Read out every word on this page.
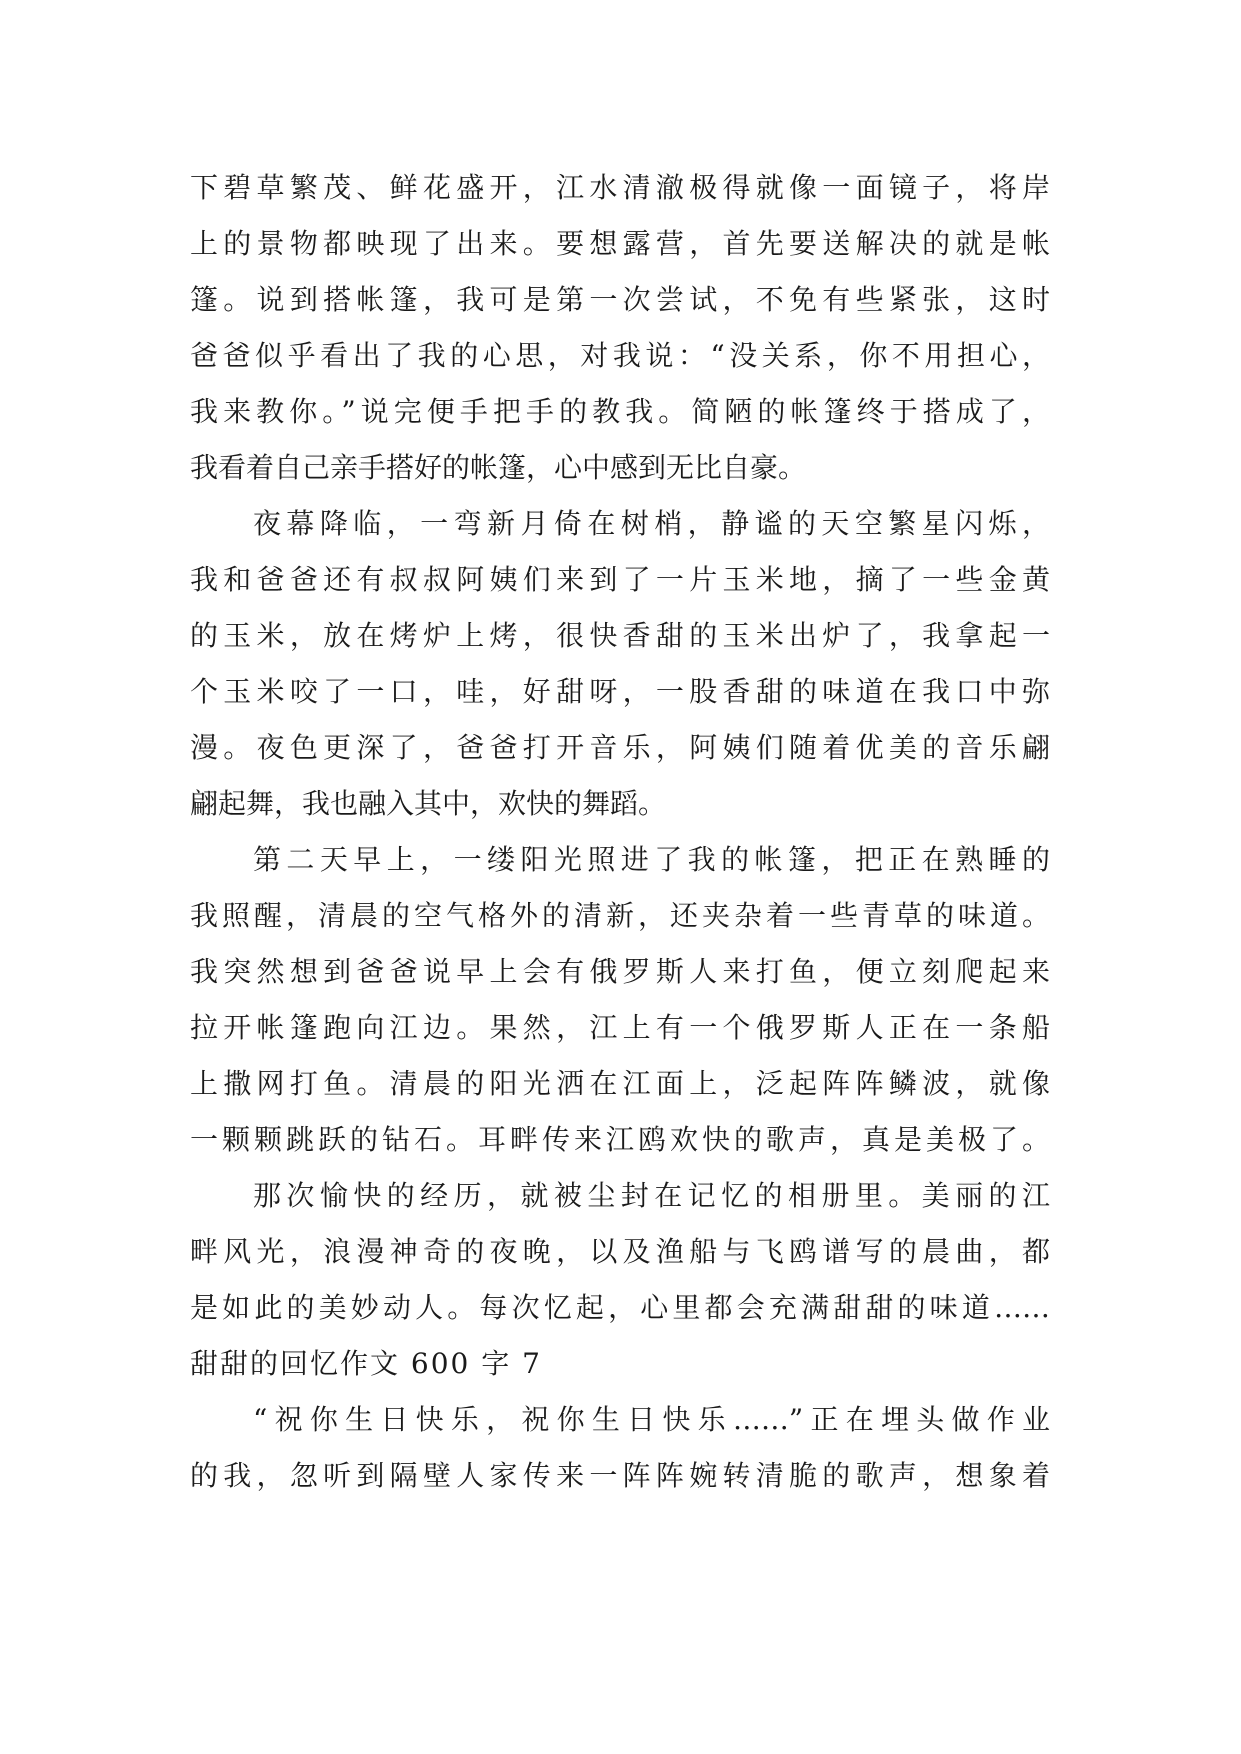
下碧草繁茂、鲜花盛开，江水清澈极得就像一面镜子，将岸
上的景物都映现了出来。要想露营，首先要送解决的就是帐
篷。说到搭帐篷，我可是第一次尝试，不免有些紧张，这时
爸爸似乎看出了我的心思，对我说：“没关系，你不用担心，
我来教你。”说完便手把手的教我。简陋的帐篷终于搭成了，
我看着自己亲手搭好的帐篷，心中感到无比自豪。
夜幕降临，一弯新月倚在树梢，静谧的天空繁星闪烁，
我和爸爸还有叔叔阿姨们来到了一片玉米地，摘了一些金黄
的玉米，放在烤炉上烤，很快香甜的玉米出炉了，我拿起一
个玉米咬了一口，哇，好甜呀，一股香甜的味道在我口中弥
漫。夜色更深了，爸爸打开音乐，阿姨们随着优美的音乐翩
翩起舞，我也融入其中，欢快的舞蹈。
第二天早上，一缕阳光照进了我的帐篷，把正在熟睡的
我照醒，清晨的空气格外的清新，还夹杂着一些青草的味道。
我突然想到爸爸说早上会有俄罗斯人来打鱼，便立刻爬起来
拉开帐篷跑向江边。果然，江上有一个俄罗斯人正在一条船
上撒网打鱼。清晨的阳光洒在江面上，泛起阵阵鳞波，就像
一颗颗跳跃的钻石。耳畔传来江鸥欢快的歌声，真是美极了。
那次愉快的经历，就被尘封在记忆的相册里。美丽的江
畔风光，浪漫神奇的夜晚，以及渔船与飞鸥谱写的晨曲，都
是如此的美妙动人。每次忆起，心里都会充满甜甜的味道……
甜甜的回忆作文 600 字 7
“祝你生日快乐，祝你生日快乐……”正在埋头做作业
的我，忽听到隔壁人家传来一阵阵婉转清脆的歌声，想象着
